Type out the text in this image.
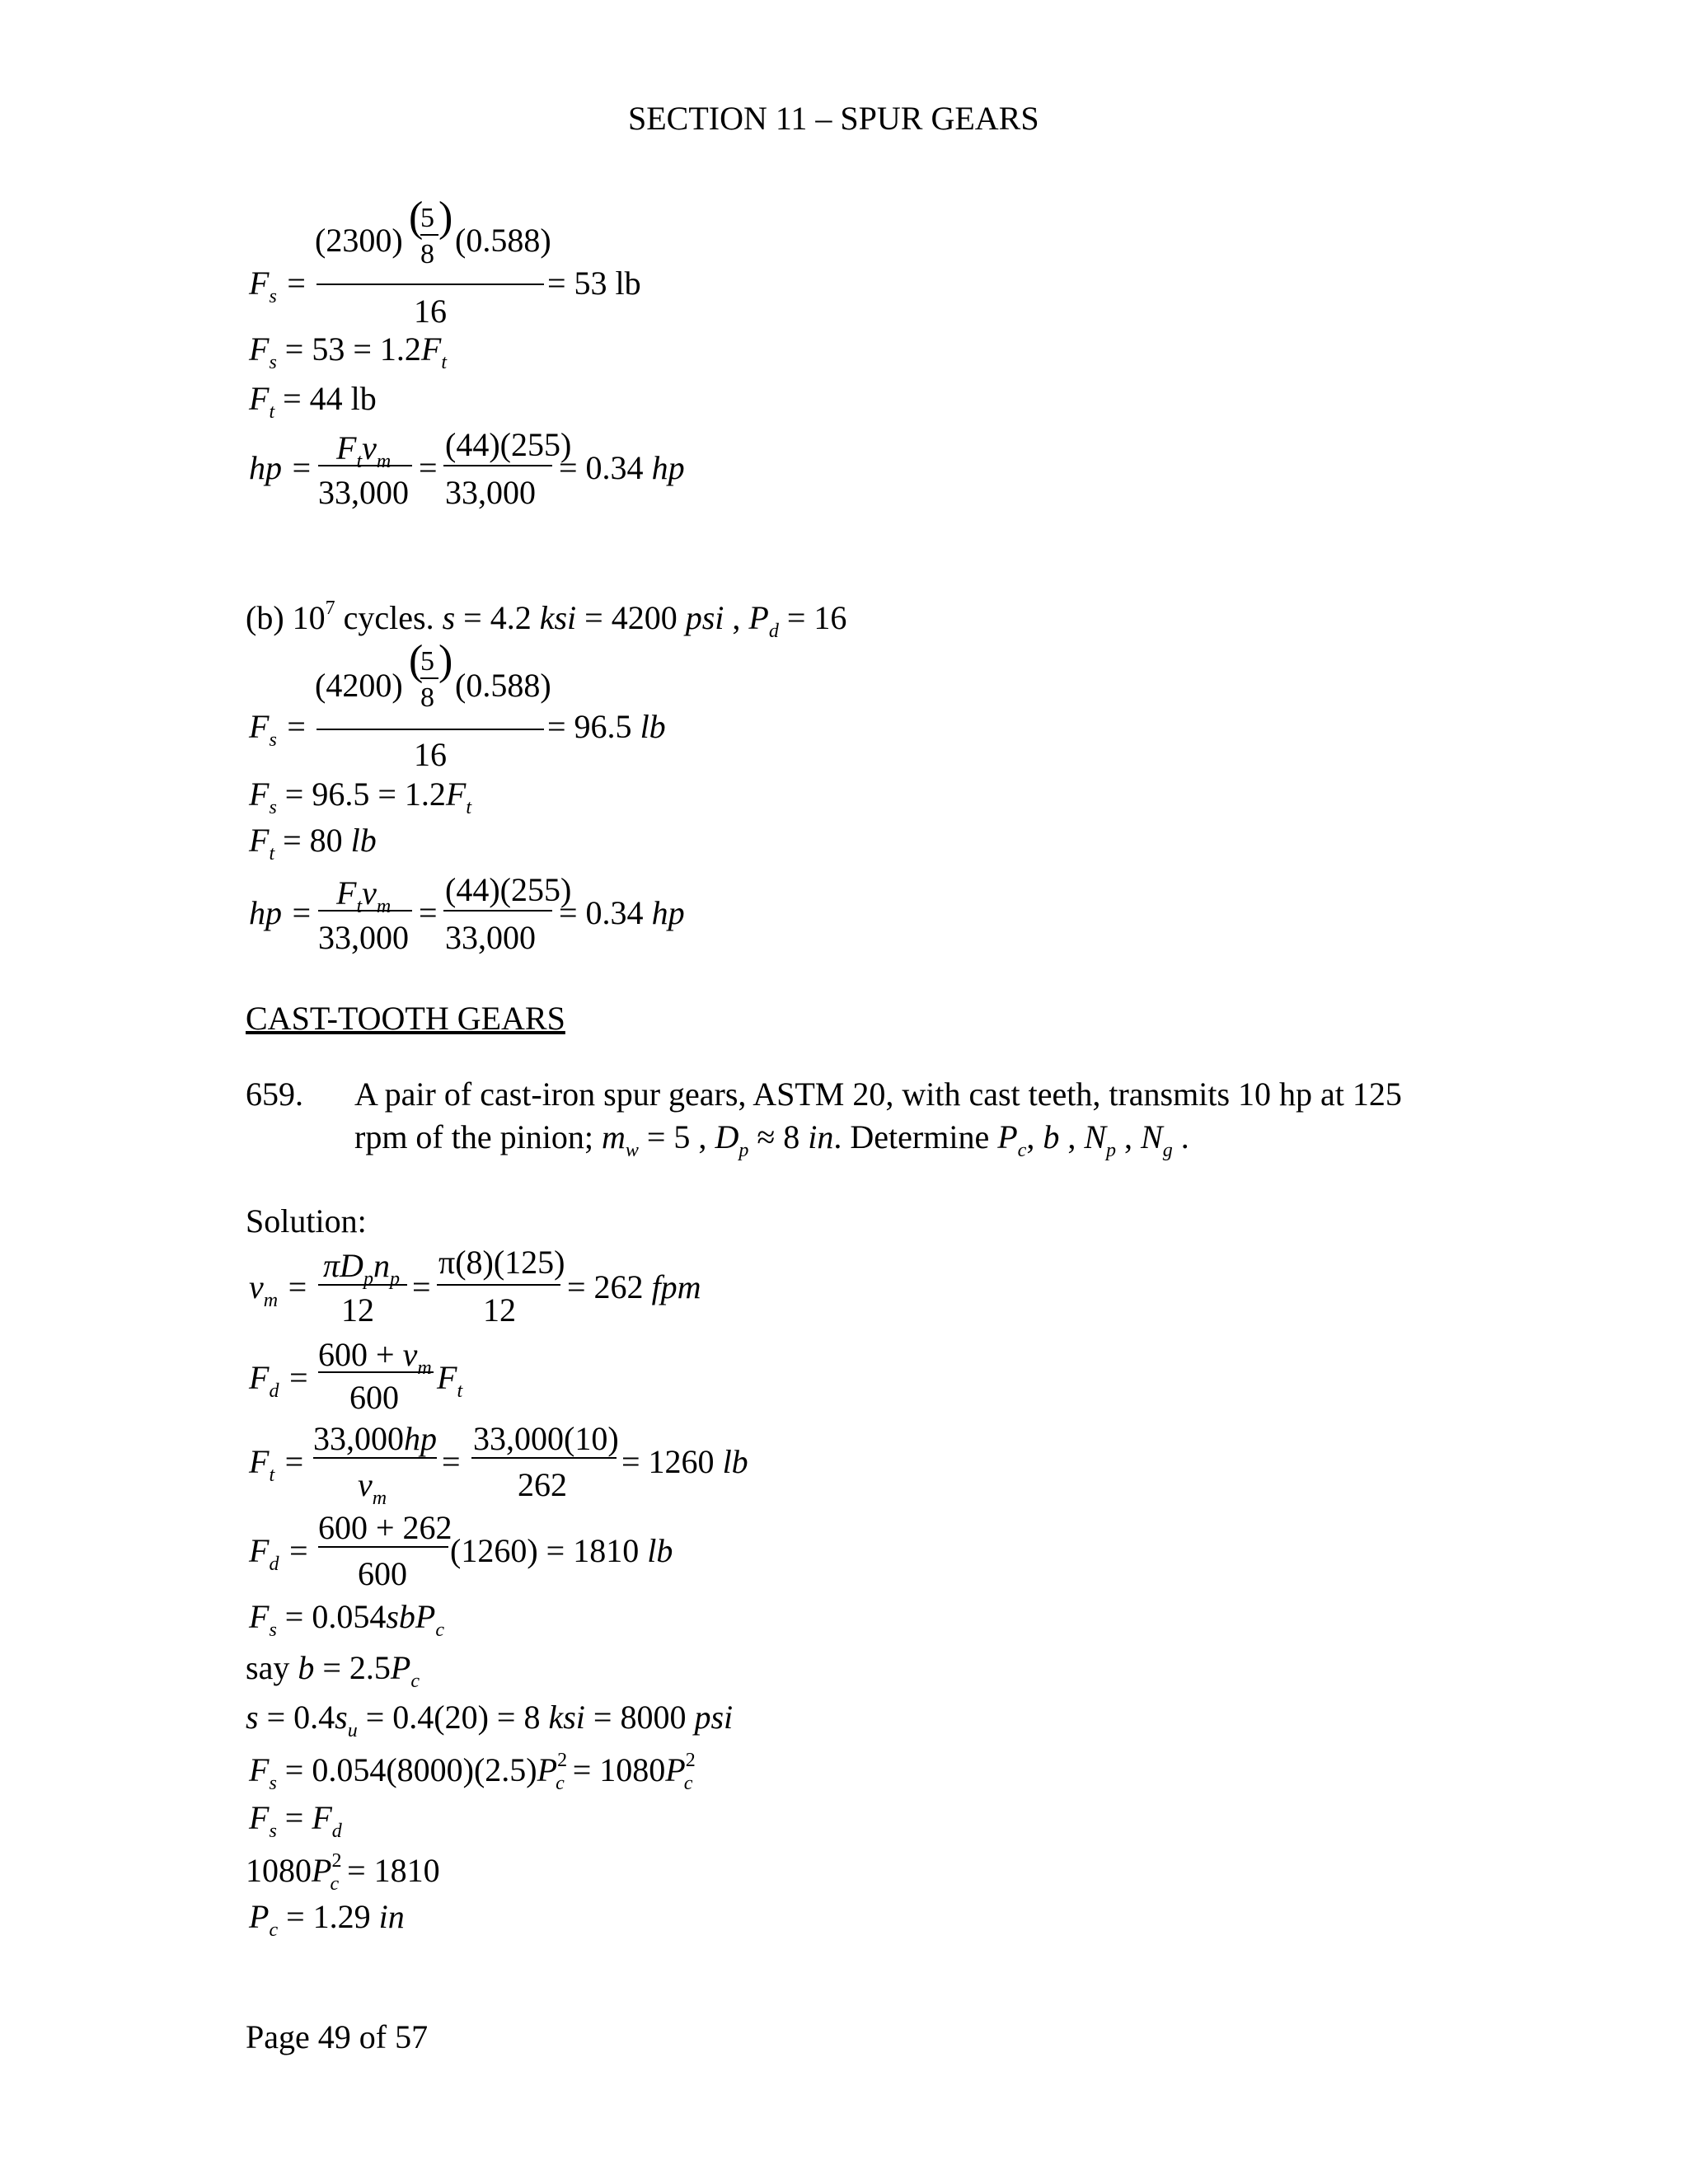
SECTION 11 – SPUR GEARS
(2300) (
5
8
) (0.588)
$F_s$ =
16
= 53 lb
$F_s = 53 = 1.2F_t$
$F_t = 44$ lb
hp =
$F_tv_m$
33,000
=
(44)(255)
33,000
= 0.34 hp
(b) $10^7$ cycles. s = 4.2 ksi = 4200 psi , $P_d = 16$
(4200)
(
5
8
)
(0.588)
$F_s$ =
16
= 96.5 lb
$F_s = 96.5 = 1.2F_t$
$F_t = 80$ lb
hp =
$F_tv_m$
33,000
=
(44)(255)
33,000
= 0.34 hp
CAST-TOOTH GEARS
659. A pair of cast-iron spur gears, ASTM 20, with cast teeth, transmits 10 hp at 125
rpm of the pinion; $m_w = 5$ , $D_p \approx 8$ in. Determine $P_c$, b , $N_p$ , $N_g$ .
Solution:
$v_m$ =
$\pi D_pn_p$
12
=
π(8)(125)
12
= 262 fpm
$F_d$ =
$600 + v_m$
600
$F_t$
$F_t$ =
33,000hp
$v_m$
=
33,000(10)
262
= 1260 lb
$F_d$ =
600 + 262
600
(1260) = 1810 lb
$F_s = 0.054sbP_c$
say $b = 2.5P_c$
$s = 0.4s_u = 0.4(20) = 8$ ksi = 8000 psi
$F_s = 0.054(8000)(2.5)P^2_c = 1080P^2_c$
$F_s = F_d$
$1080P^2_c = 1810$
$P_c = 1.29$ in
Page 49 of 57
